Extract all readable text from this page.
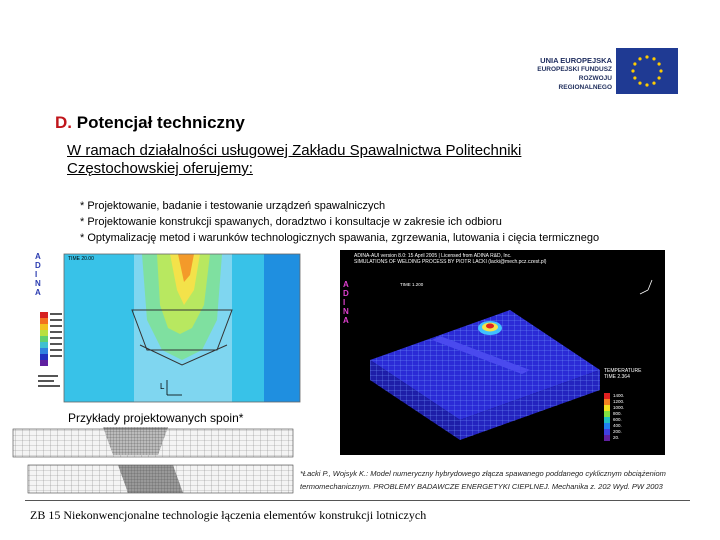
UNIA EUROPEJSKA
EUROPEJSKI FUNDUSZ
ROZWOJU REGIONALNEGO
D. Potencjał techniczny
W ramach działalności usługowej Zakładu Spawalnictwa Politechniki Częstochowskiej oferujemy:
* Projektowanie, badanie i testowanie urządzeń spawalniczych
* Projektowanie konstrukcji spawanych, doradztwo i konsultacje w zakresie ich odbioru
* Optymalizację metod i warunków technologicznych spawania, zgrzewania, lutowania i cięcia termicznego
A
D
I
N
A
TIME 20.00
L
ADINA-AUI version 8.0: 15 April 2005 | Licensed from ADINA R&D, Inc.
SIMULATIONS OF WELDING PROCESS BY PIOTR LACKI (lacki@mech.pcz.czest.pl)
A
D
I
N
A
TIME 1.200
TEMPERATURE
TIME 2.364
1400.
1200.
1000.
800.
600.
400.
200.
20.
Przykłady projektowanych spoin*
*Łacki P., Wojsyk K.: Model numeryczny hybrydowego złącza spawanego poddanego cyklicznym obciążeniom termomechanicznym. PROBLEMY BADAWCZE ENERGETYKI CIEPLNEJ. Mechanika z. 202 Wyd. PW 2003
ZB 15 Niekonwencjonalne technologie łączenia elementów konstrukcji lotniczych
